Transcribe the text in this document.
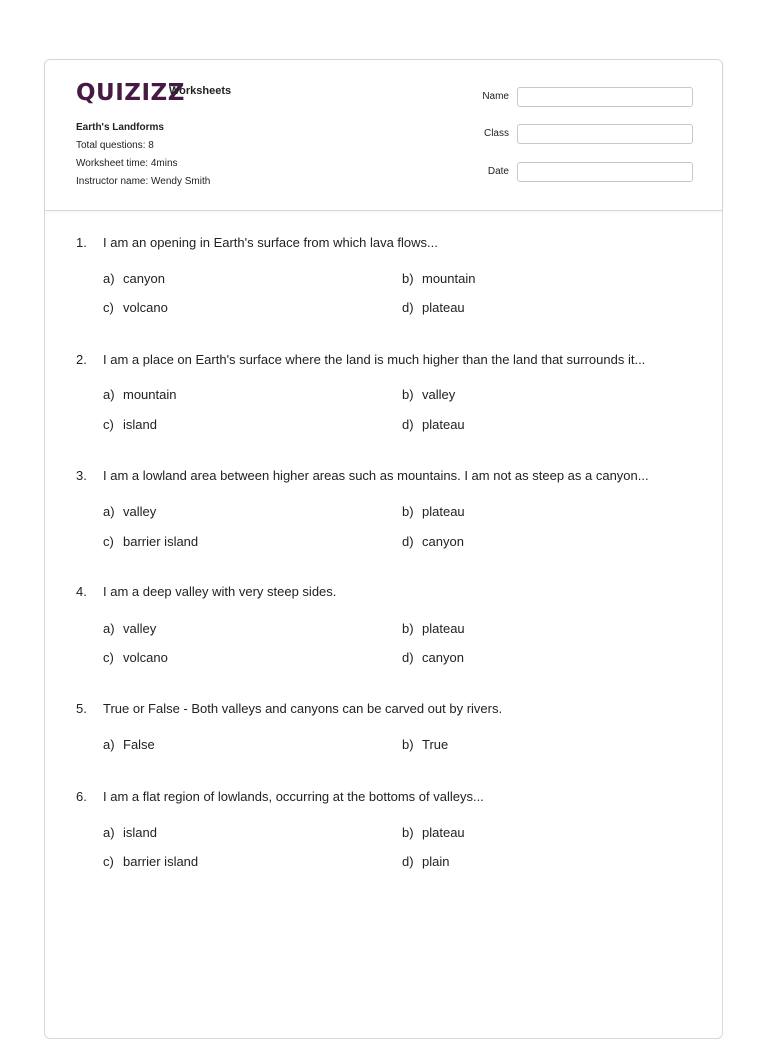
QUIZIZZ
Worksheets
Earth's Landforms
Total questions: 8
Worksheet time: 4mins
Instructor name: Wendy Smith
Name
Class
Date
1.	I am an opening in Earth's surface from which lava flows...
a) canyon	b) mountain
c) volcano	d) plateau
2.	I am a place on Earth's surface where the land is much higher than the land that surrounds it...
a) mountain	b) valley
c) island	d) plateau
3.	I am a lowland area between higher areas such as mountains. I am not as steep as a canyon...
a) valley	b) plateau
c) barrier island	d) canyon
4.	I am a deep valley with very steep sides.
a) valley	b) plateau
c) volcano	d) canyon
5.	True or False - Both valleys and canyons can be carved out by rivers.
a) False	b) True
6.	I am a flat region of lowlands, occurring at the bottoms of valleys...
a) island	b) plateau
c) barrier island	d) plain
